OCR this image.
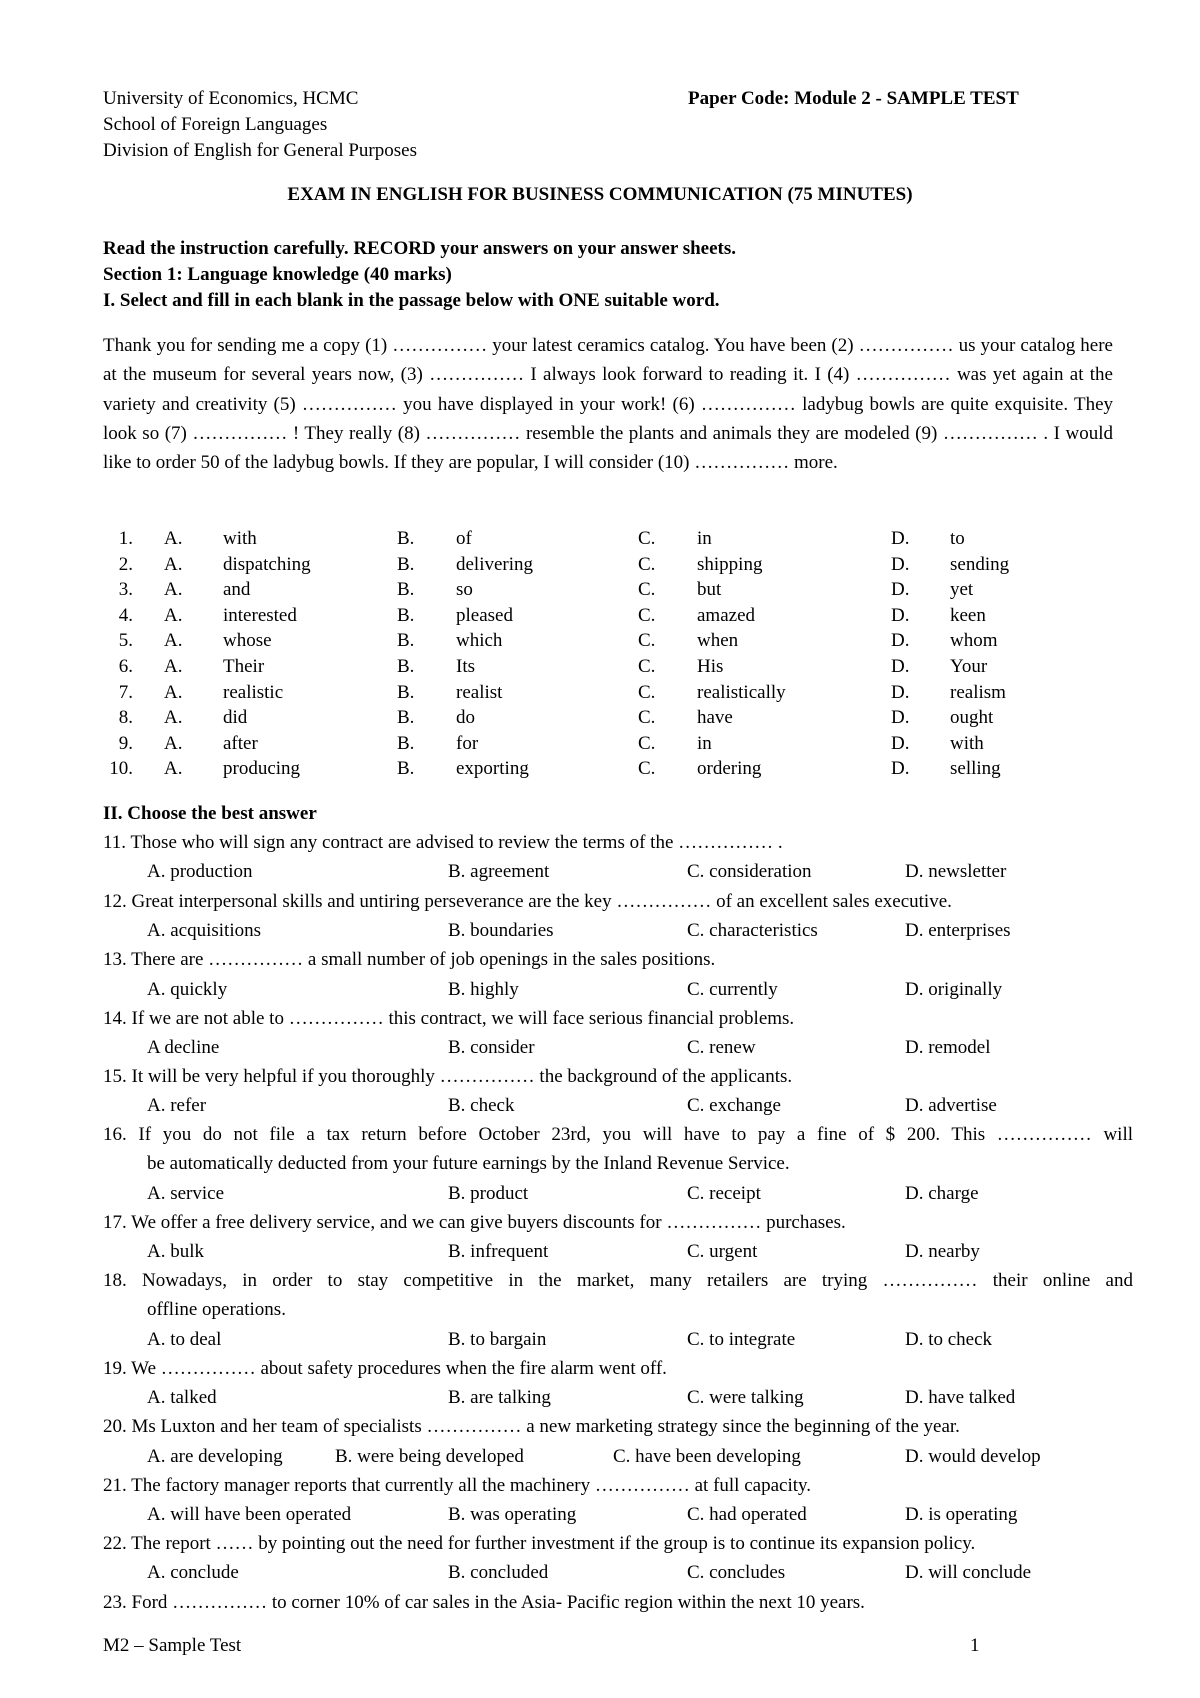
University of Economics, HCMC
School of Foreign Languages
Division of English for General Purposes
Paper Code: Module 2 - SAMPLE TEST
EXAM IN ENGLISH FOR BUSINESS COMMUNICATION (75 MINUTES)
Read the instruction carefully. RECORD your answers on your answer sheets.
Section 1: Language knowledge (40 marks)
I. Select and fill in each blank in the passage below with ONE suitable word.
Thank you for sending me a copy (1) …………… your latest ceramics catalog. You have been (2) …………… us your catalog here at the museum for several years now, (3) …………… I always look forward to reading it. I (4) …………… was yet again at the variety and creativity (5) …………… you have displayed in your work! (6) …………… ladybug bowls are quite exquisite. They look so (7) …………… ! They really (8) …………… resemble the plants and animals they are modeled (9) …………… . I would like to order 50 of the ladybug bowls. If they are popular, I will consider (10) …………… more.
1. A. with	B. of	C. in	D. to
2. A. dispatching	B. delivering	C. shipping	D. sending
3. A. and	B. so	C. but	D. yet
4. A. interested	B. pleased	C. amazed	D. keen
5. A. whose	B. which	C. when	D. whom
6. A. Their	B. Its	C. His	D. Your
7. A. realistic	B. realist	C. realistically	D. realism
8. A. did	B. do	C. have	D. ought
9. A. after	B. for	C. in	D. with
10. A. producing	B. exporting	C. ordering	D. selling
II. Choose the best answer
11. Those who will sign any contract are advised to review the terms of the …………… .
A. production	B. agreement	C. consideration	D. newsletter
12. Great interpersonal skills and untiring perseverance are the key …………… of an excellent sales executive.
A. acquisitions	B. boundaries	C. characteristics	D. enterprises
13. There are …………… a small number of job openings in the sales positions.
A. quickly	B. highly	C. currently	D. originally
14. If we are not able to …………… this contract, we will face serious financial problems.
A decline	B. consider	C. renew	D. remodel
15. It will be very helpful if you thoroughly …………… the background of the applicants.
A. refer	B. check	C. exchange	D. advertise
16. If you do not file a tax return before October 23rd, you will have to pay a fine of $ 200. This …………… will
be automatically deducted from your future earnings by the Inland Revenue Service.
A. service	B. product	C. receipt	D. charge
17. We offer a free delivery service, and we can give buyers discounts for …………… purchases.
A. bulk	B. infrequent	C. urgent	D. nearby
18. Nowadays, in order to stay competitive in the market, many retailers are trying …………… their online and
offline operations.
A. to deal	B. to bargain	C. to integrate	D. to check
19. We …………… about safety procedures when the fire alarm went off.
A. talked	B. are talking	C. were talking	D. have talked
20. Ms Luxton and her team of specialists …………… a new marketing strategy since the beginning of the year.
A. are developing	B. were being developed	C. have been developing	D. would develop
21. The factory manager reports that currently all the machinery …………… at full capacity.
A. will have been operated	B. was operating	C. had operated	D. is operating
22. The report …… by pointing out the need for further investment if the group is to continue its expansion policy.
A. conclude	B. concluded	C. concludes	D. will conclude
23. Ford …………… to corner 10% of car sales in the Asia- Pacific region within the next 10 years.
M2 – Sample Test	1
